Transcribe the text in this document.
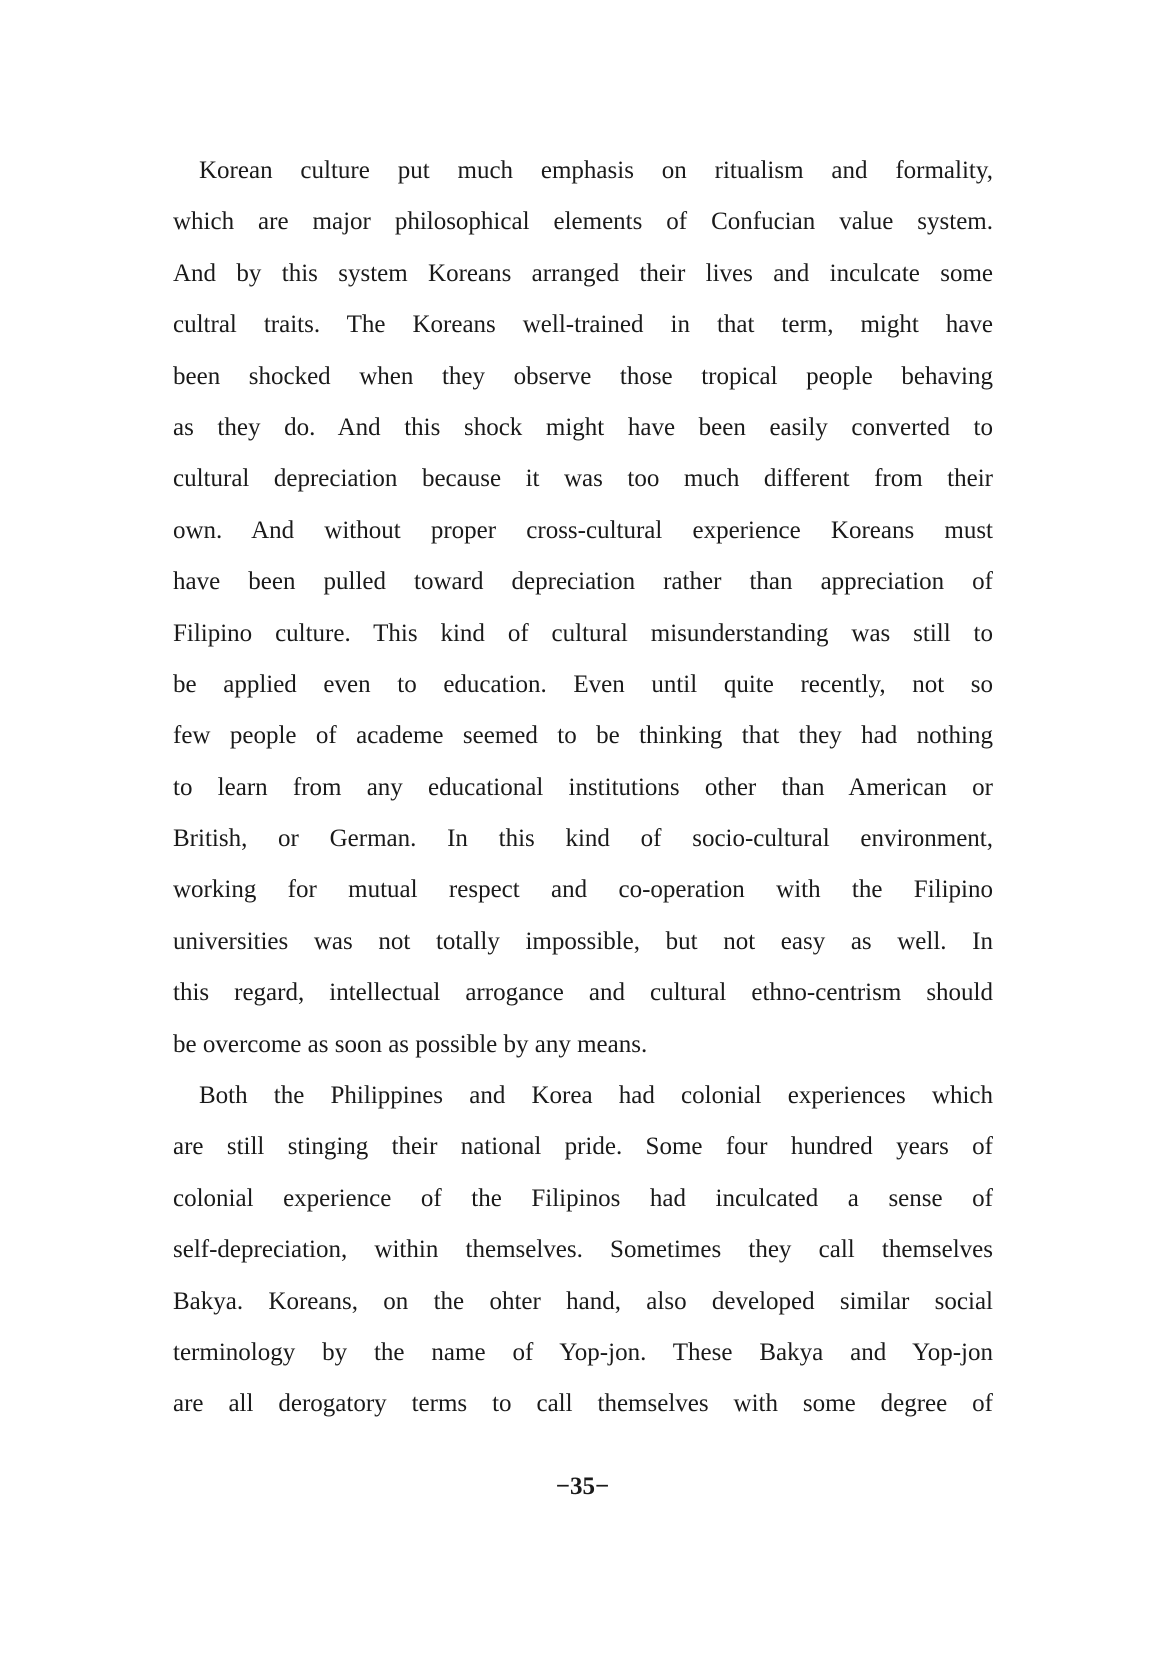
Korean culture put much emphasis on ritualism and formality,
which are major philosophical elements of Confucian value system.
And by this system Koreans arranged their lives and inculcate some
cultral traits. The Koreans well-trained in that term, might have
been shocked when they observe those tropical people behaving
as they do. And this shock might have been easily converted to
cultural depreciation because it was too much different from their
own. And without proper cross-cultural experience Koreans must
have been pulled toward depreciation rather than appreciation of
Filipino culture. This kind of cultural misunderstanding was still to
be applied even to education. Even until quite recently, not so
few people of academe seemed to be thinking that they had nothing
to learn from any educational institutions other than American or
British, or German. In this kind of socio-cultural environment,
working for mutual respect and co-operation with the Filipino
universities was not totally impossible, but not easy as well. In
this regard, intellectual arrogance and cultural ethno-centrism should
be overcome as soon as possible by any means.
Both the Philippines and Korea had colonial experiences which
are still stinging their national pride. Some four hundred years of
colonial experience of the Filipinos had inculcated a sense of
self-depreciation, within themselves. Sometimes they call themselves
Bakya. Koreans, on the ohter hand, also developed similar social
terminology by the name of Yop-jon. These Bakya and Yop-jon
are all derogatory terms to call themselves with some degree of
−35−
